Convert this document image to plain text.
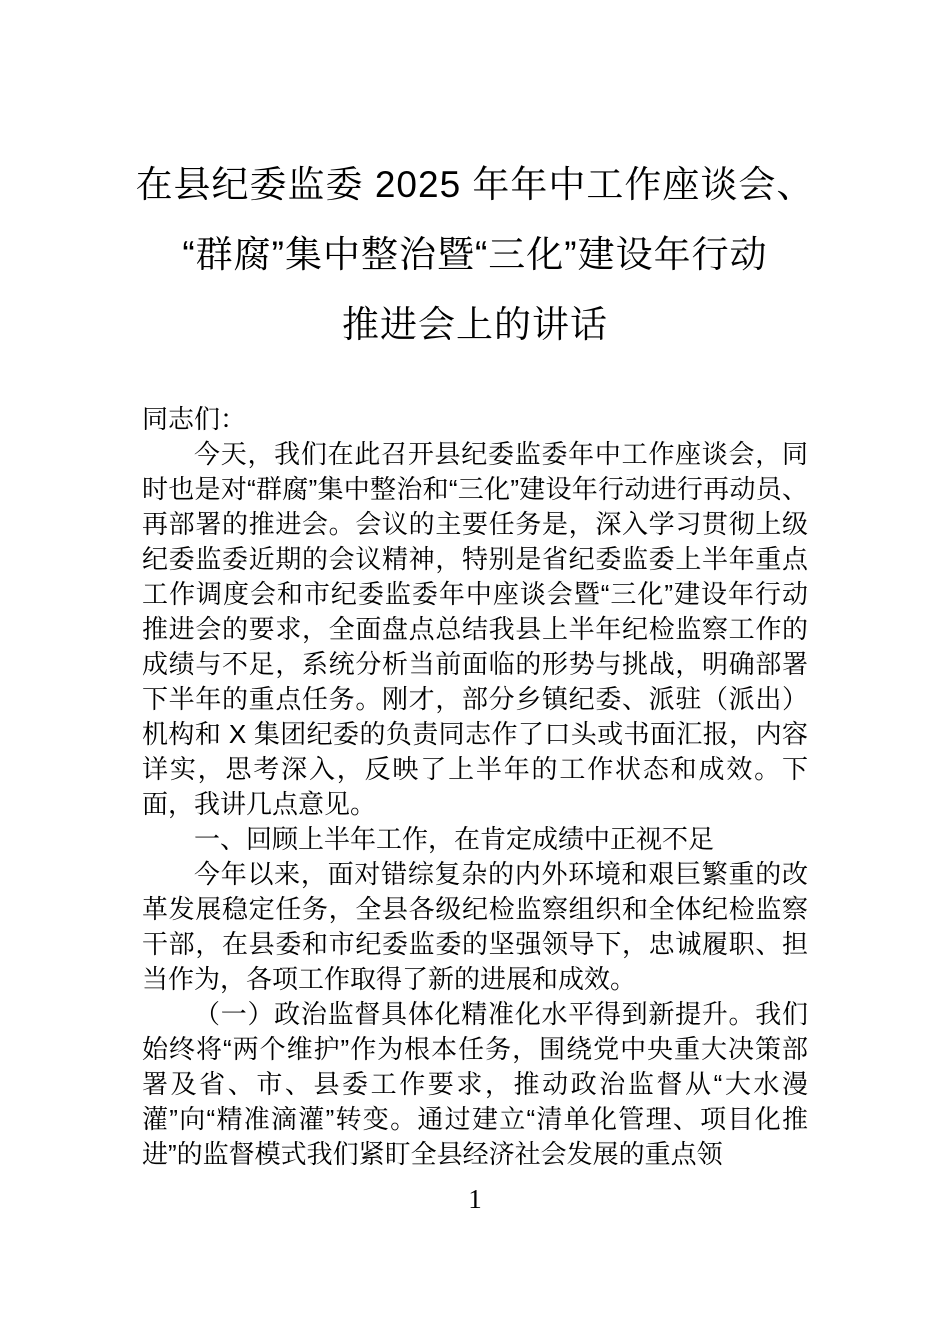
在县纪委监委 2025 年年中工作座谈会、
“群腐”集中整治暨“三化”建设年行动
推进会上的讲话

同志们：

今天，我们在此召开县纪委监委年中工作座谈会，同时也是对“群腐”集中整治和“三化”建设年行动进行再动员、再部署的推进会。会议的主要任务是，深入学习贯彻上级纪委监委近期的会议精神，特别是省纪委监委上半年重点工作调度会和市纪委监委年中座谈会暨“三化”建设年行动推进会的要求，全面盘点总结我县上半年纪检监察工作的成绩与不足，系统分析当前面临的形势与挑战，明确部署下半年的重点任务。刚才，部分乡镇纪委、派驻（派出）机构和 X 集团纪委的负责同志作了口头或书面汇报，内容详实，思考深入，反映了上半年的工作状态和成效。下面，我讲几点意见。

一、回顾上半年工作，在肯定成绩中正视不足

今年以来，面对错综复杂的内外环境和艰巨繁重的改革发展稳定任务，全县各级纪检监察组织和全体纪检监察干部，在县委和市纪委监委的坚强领导下，忠诚履职、担当作为，各项工作取得了新的进展和成效。

（一）政治监督具体化精准化水平得到新提升。我们始终将“两个维护”作为根本任务，围绕党中央重大决策部署及省、市、县委工作要求，推动政治监督从“大水漫灌”向“精准滴灌”转变。通过建立“清单化管理、项目化推进”的监督模式我们紧盯全县经济社会发展的重点领

1
